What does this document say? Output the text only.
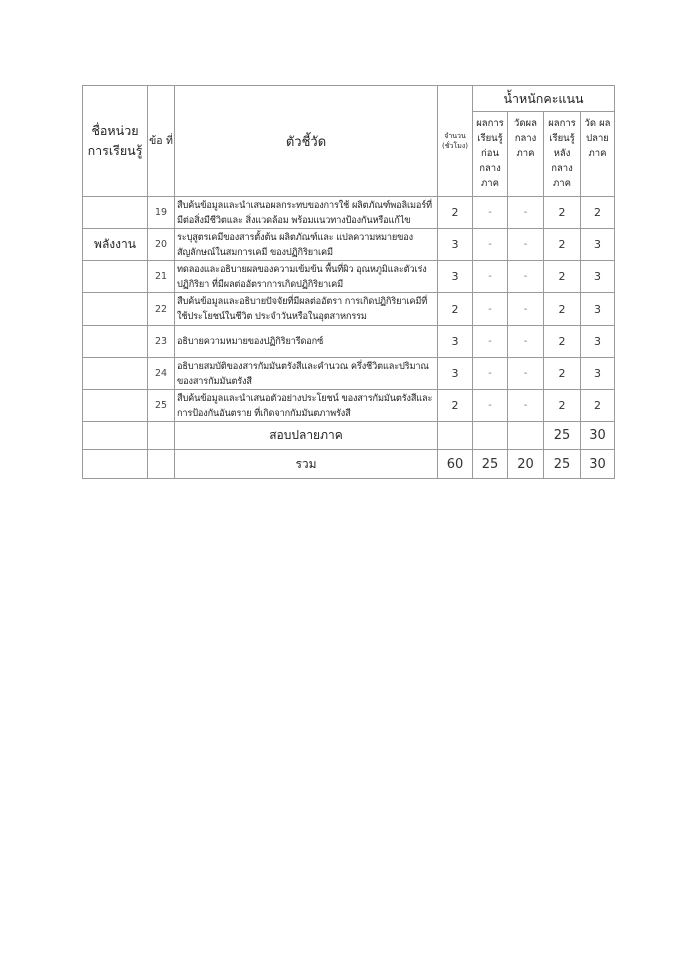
ชื่อหน่วย การเรียนรู้	ข้อ ที่	ตัวชี้วัด	จำนวน (ชั่วโมง)	น้ำหนักคะแนน			
				ผลการ เรียนรู้ ก่อน กลาง ภาค	วัดผล กลาง ภาค	ผลการ เรียนรู้ หลัง กลาง ภาค	วัด ผล ปลาย ภาค
	19	สืบค้นข้อมูลและนำเสนอผลกระทบของการใช้ ผลิตภัณฑ์พอลิเมอร์ที่มีต่อสิ่งมีชีวิตและ สิ่งแวดล้อม พร้อมแนวทางป้องกันหรือแก้ไข	2	-	-	2	2
พลังงาน	20	ระบุสูตรเคมีของสารตั้งต้น ผลิตภัณฑ์และ แปลความหมายของสัญลักษณ์ในสมการเคมี ของปฏิกิริยาเคมี	3	-	-	2	3
	21	ทดลองและอธิบายผลของความเข้มข้น พื้นที่ผิว อุณหภูมิและตัวเร่งปฏิกิริยา ที่มีผลต่ออัตราการเกิดปฏิกิริยาเคมี	3	-	-	2	3
	22	สืบค้นข้อมูลและอธิบายปัจจัยที่มีผลต่ออัตรา การเกิดปฏิกิริยาเคมีที่ใช้ประโยชน์ในชีวิต ประจำวันหรือในอุตสาหกรรม	2	-	-	2	3
	23	อธิบายความหมายของปฏิกิริยารีดอกซ์	3	-	-	2	3
	24	อธิบายสมบัติของสารกัมมันตรังสีและคำนวณ ครึ่งชีวิตและปริมาณของสารกัมมันตรังสี	3	-	-	2	3
	25	สืบค้นข้อมูลและนำเสนอตัวอย่างประโยชน์ ของสารกัมมันตรังสีและการป้องกันอันตราย ที่เกิดจากกัมมันตภาพรังสี	2	-	-	2	2
		สอบปลายภาค				25	30
		รวม	60	25	20	25	30
